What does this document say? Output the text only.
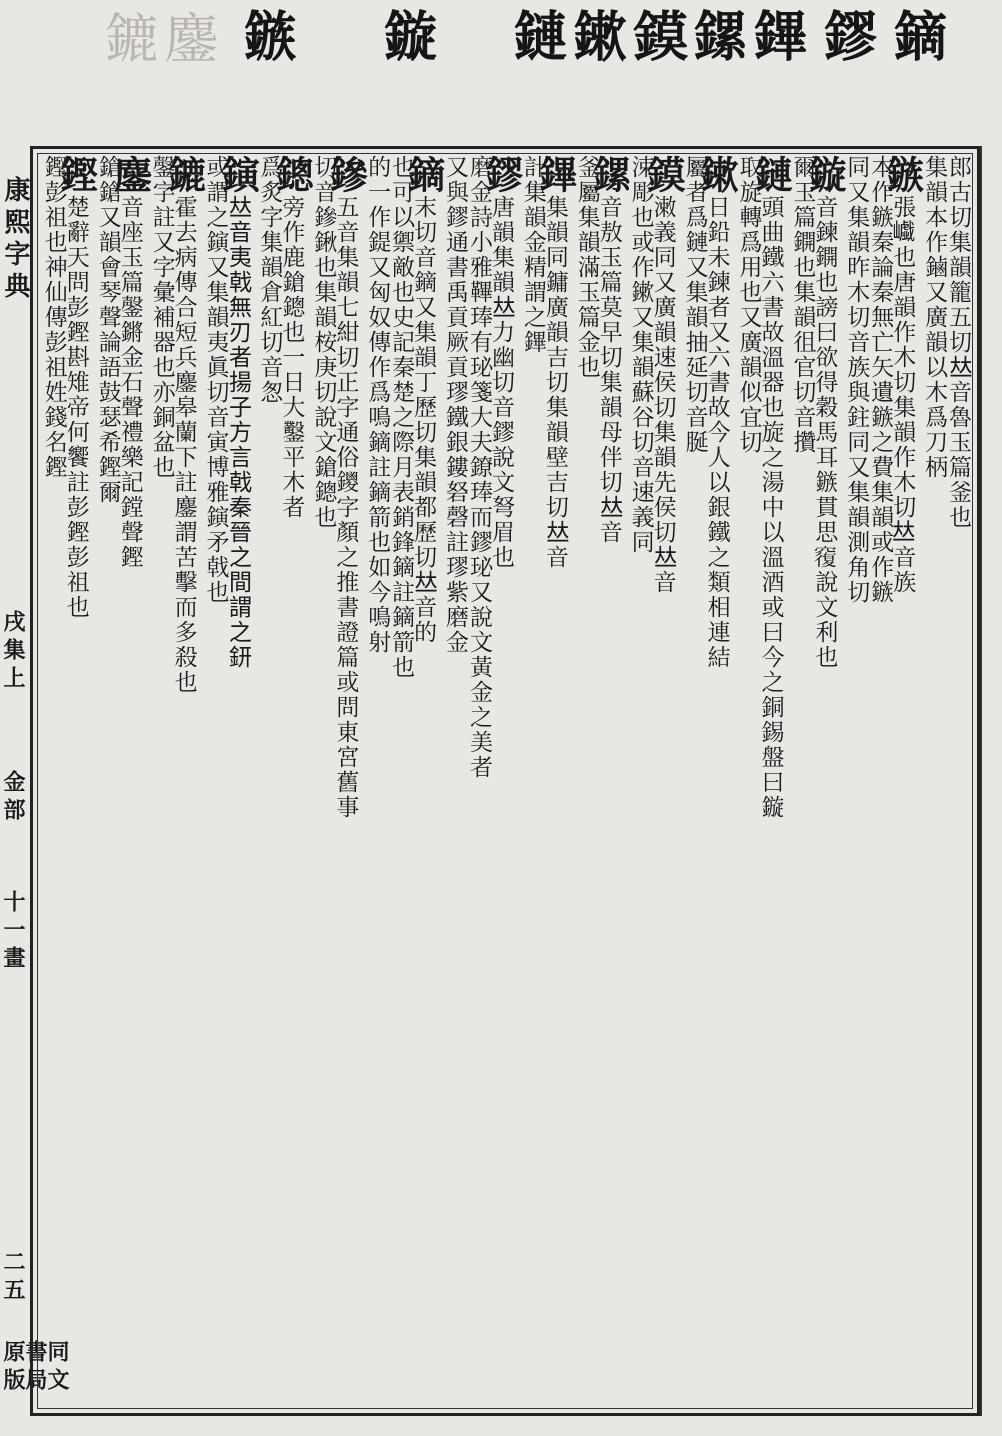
鏕
鏖 鏃 鏇 鏈
鏉
鏌
鏍
鏎 鏐 鏑
康熙字典
戌集上
金部
十一畫
二五
同文書局原版
郎古切集韻籠五切𠀤音魯玉篇釜也
集韻本作鏀又廣韻以木爲刀柄
鏃張𡾟也唐韻作木切集韻作木切𠀤音族
本作鏃秦論秦無亡矢遺鏃之費集韻或作鏃
同又集韻昨木切音族與鉒同又集韻測角切
鏇音鍊鐦也謗曰欲得穀馬耳鏃貫思𥨍說文利也
爾玉篇鐦也集韻徂官切音攢
鏈頭曲鐵六書故溫器也旋之湯中以溫酒或曰今之銅錫盤曰鏇
取旋轉爲用也又廣韻似宜切
鏉日鉛未鍊者又六書故今人以銀鐵之類相連結
屬者爲鏈又集韻抽延切音脠
鏌潄義同又廣韻速侯切集韻先侯切𠀤音
涑彫也或作鏉又集韻蘇谷切音速義同
鏍音敖玉篇莫早切集韻母伴切𠀤音
釜屬集韻滿玉篇金也
鏎集韻同鏞廣韻吉切集韻壁吉切𠀤音
計集韻金精謂之鏎
鏐唐韻集韻𠀤力幽切音鏐說文弩眉也
磨金詩小雅鞸琫有珌箋大夫鐐琫而鏐珌又說文黃金之美者
又與鏐通書禹貢厥貢璆鐵銀鏤砮磬註璆紫磨金
鏑末切音鏑又集韻丁歷切集韻都歷切𠀤音的
也可以禦敵也史記秦楚之際月表銷鋒鏑註鏑箭也
的一作鍉又匈奴傳作爲鳴鏑註鏑箭也如今鳴射
鏒五音集韻七紺切正字通俗鑁字顏之推書證篇或問東宮舊事
切音鏒鍬也集韻桉庚切說文鎗鏓也
鏓旁作鹿鎗鏓也一日大鑿平木者
爲炙字集韻倉紅切音怱
鏔𠀤音夷戟無刃者揚子方言戟秦晉之間謂之鈃
或謂之鏔又集韻夷眞切音寅博雅鏔矛戟也
鏕霍去病傳合短兵鏖皋蘭下註鏖謂苦擊而多殺也
鏧字註又字彙補器也亦銅盆也
鏖音座玉篇鏧鏘金石聲禮樂記鏜聲鏗
鎗鎗又韻會琴聲論語鼓瑟希鏗爾
鏗楚辭天問彭鏗斟雉帝何饗註彭鏗彭祖也
鏗彭祖也神仙傳彭祖姓錢名鏗
